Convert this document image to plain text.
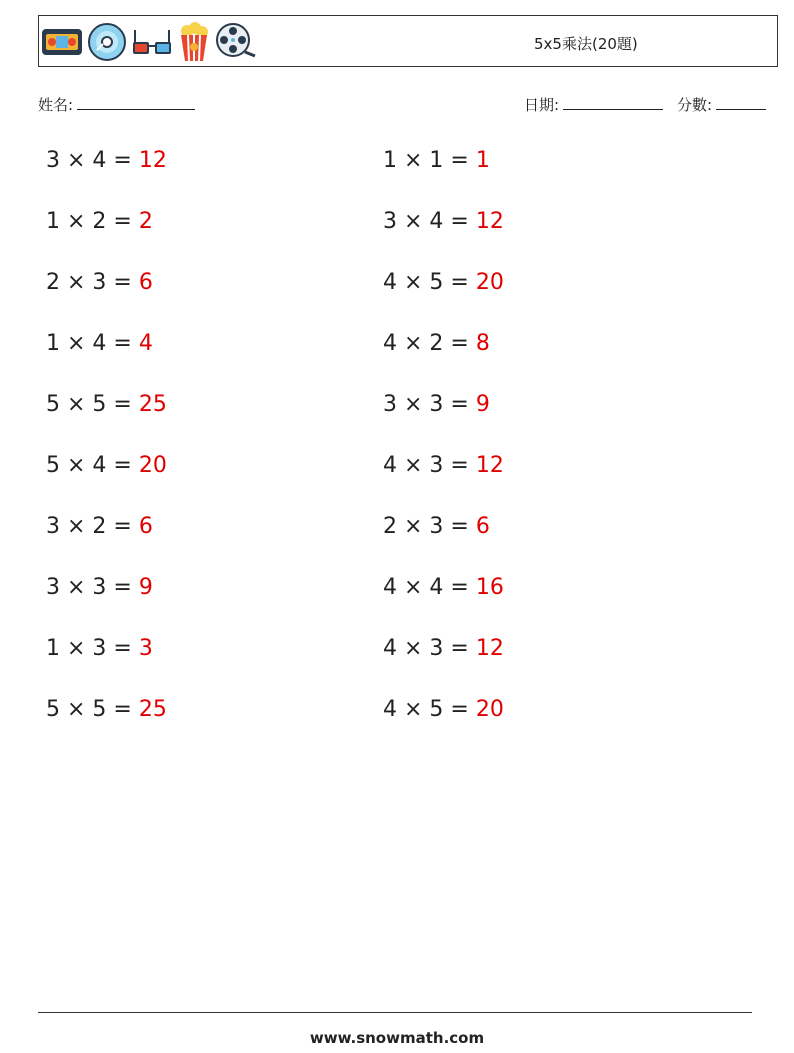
5x5乘法(20題)
姓名:	日期:	分數:
3 × 4 = 12
1 × 2 = 2
2 × 3 = 6
1 × 4 = 4
5 × 5 = 25
5 × 4 = 20
3 × 2 = 6
3 × 3 = 9
1 × 3 = 3
5 × 5 = 25
1 × 1 = 1
3 × 4 = 12
4 × 5 = 20
4 × 2 = 8
3 × 3 = 9
4 × 3 = 12
2 × 3 = 6
4 × 4 = 16
4 × 3 = 12
4 × 5 = 20
www.snowmath.com
